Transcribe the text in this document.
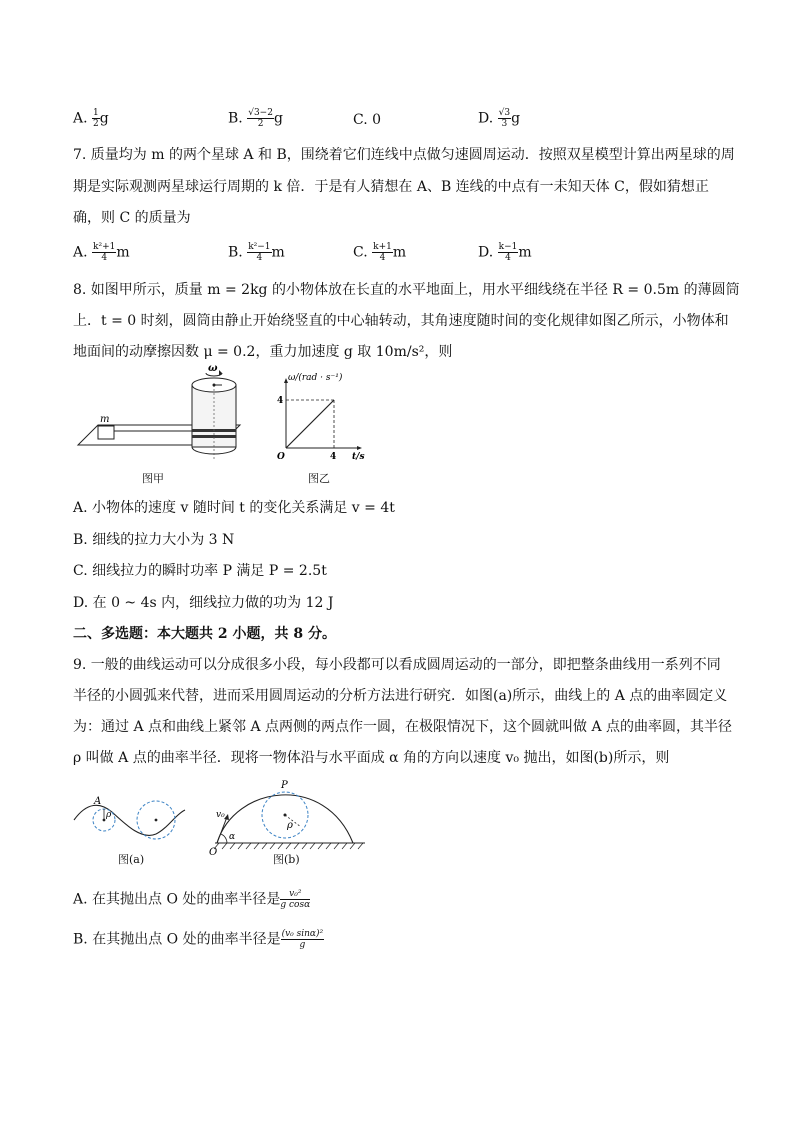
A. $\frac{1}{2}$ g	B. $\frac{√3-2}{2}$ g	C. 0	D. $\frac{√3}{3}$ g
7. 质量均为 m 的两个星球 A 和 B，围绕着它们连线中点做匀速圆周运动．按照双星模型计算出两星球的周
期是实际观测两星球运行周期的 k 倍．于是有人猜想在 A、B 连线的中点有一未知天体 C，假如猜想正
确，则 C 的质量为
A. $\frac{\text{k²+1}}{4}$ m	B. $\frac{\text{k²−1}}{4}$ m	C. $\frac{k+1}{4}$ m	D. $\frac{k-1}{4}$ m
8. 如图甲所示，质量 m = 2kg 的小物体放在长直的水平地面上，用水平细线绕在半径 R = 0.5m 的薄圆筒
上．t = 0 时刻，圆筒由静止开始绕竖直的中心轴转动，其角速度随时间的变化规律如图乙所示，小物体和
地面间的动摩擦因数 μ = 0.2，重力加速度 g 取 10m/s²，则
m
ω
图甲
ω/(rad · s⁻¹)
4
4
O	t/s
图乙
A. 小物体的速度 v 随时间 t 的变化关系满足 v = 4t
B. 细线的拉力大小为 3 N
C. 细线拉力的瞬时功率 P 满足 P = 2.5t
D. 在 0 ~ 4s 内，细线拉力做的功为 12 J
二、多选题：本大题共 2 小题，共 8 分。
9. 一般的曲线运动可以分成很多小段，每小段都可以看成圆周运动的一部分，即把整条曲线用一系列不同
半径的小圆弧来代替，进而采用圆周运动的分析方法进行研究．如图(a)所示，曲线上的 A 点的曲率圆定义
为：通过 A 点和曲线上紧邻 A 点两侧的两点作一圆，在极限情况下，这个圆就叫做 A 点的曲率圆，其半径
ρ 叫做 A 点的曲率半径．现将一物体沿与水平面成 α 角的方向以速度 v₀ 抛出，如图(b)所示，则
A
ρ
图(a)
P
O
v₀
α
ρ
图(b)
A. 在其抛出点 O 处的曲率半径是 $\frac{\text{v₀²}}{\text{g cosα}}$
B. 在其抛出点 O 处的曲率半径是 $\frac{\text{(v₀ sinα)²}}{g}$
